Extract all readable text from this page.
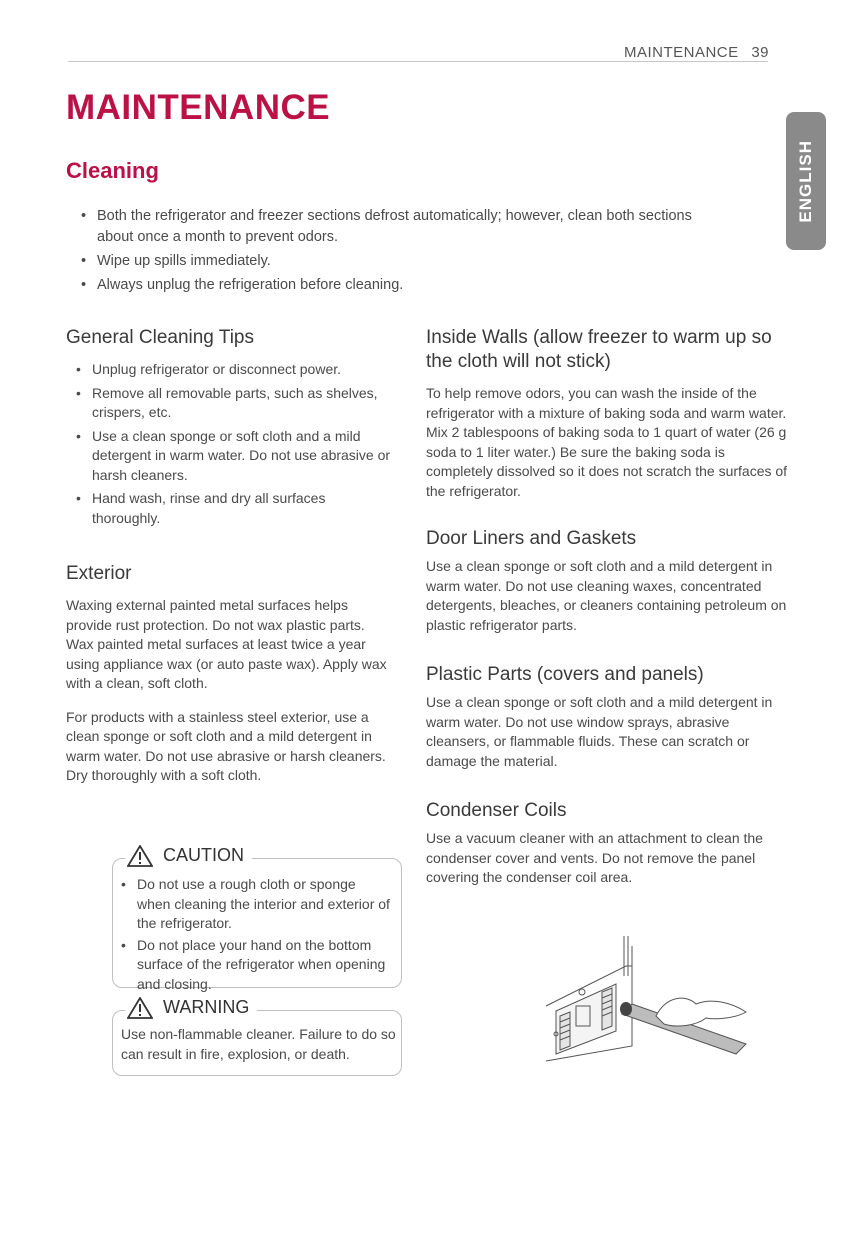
MAINTENANCE 39
ENGLISH
MAINTENANCE
Cleaning
• Both the refrigerator and freezer sections defrost automatically; however, clean both sections about once a month to prevent odors.
• Wipe up spills immediately.
• Always unplug the refrigeration before cleaning.
General Cleaning Tips
• Unplug refrigerator or disconnect power.
• Remove all removable parts, such as shelves, crispers, etc.
• Use a clean sponge or soft cloth and a mild detergent in warm water. Do not use abrasive or harsh cleaners.
• Hand wash, rinse and dry all surfaces thoroughly.
Exterior

Waxing external painted metal surfaces helps provide rust protection. Do not wax plastic parts. Wax painted metal surfaces at least twice a year using appliance wax (or auto paste wax). Apply wax with a clean, soft cloth.

For products with a stainless steel exterior, use a clean sponge or soft cloth and a mild detergent in warm water. Do not use abrasive or harsh cleaners. Dry thoroughly with a soft cloth.

CAUTION
• Do not use a rough cloth or sponge when cleaning the interior and exterior of the refrigerator.
• Do not place your hand on the bottom surface of the refrigerator when opening and closing.
WARNING

Use non-flammable cleaner. Failure to do so can result in fire, explosion, or death.

Inside Walls (allow freezer to warm up so the cloth will not stick)

To help remove odors, you can wash the inside of the refrigerator with a mixture of baking soda and warm water. Mix 2 tablespoons of baking soda to 1 quart of water (26 g soda to 1 liter water.) Be sure the baking soda is completely dissolved so it does not scratch the surfaces of the refrigerator.

Door Liners and Gaskets

Use a clean sponge or soft cloth and a mild detergent in warm water. Do not use cleaning waxes, concentrated detergents, bleaches, or cleaners containing petroleum on plastic refrigerator parts.

Plastic Parts (covers and panels)

Use a clean sponge or soft cloth and a mild detergent in warm water. Do not use window sprays, abrasive cleansers, or flammable fluids. These can scratch or damage the material.

Condenser Coils

Use a vacuum cleaner with an attachment to clean the condenser cover and vents. Do not remove the panel covering the condenser coil area.
